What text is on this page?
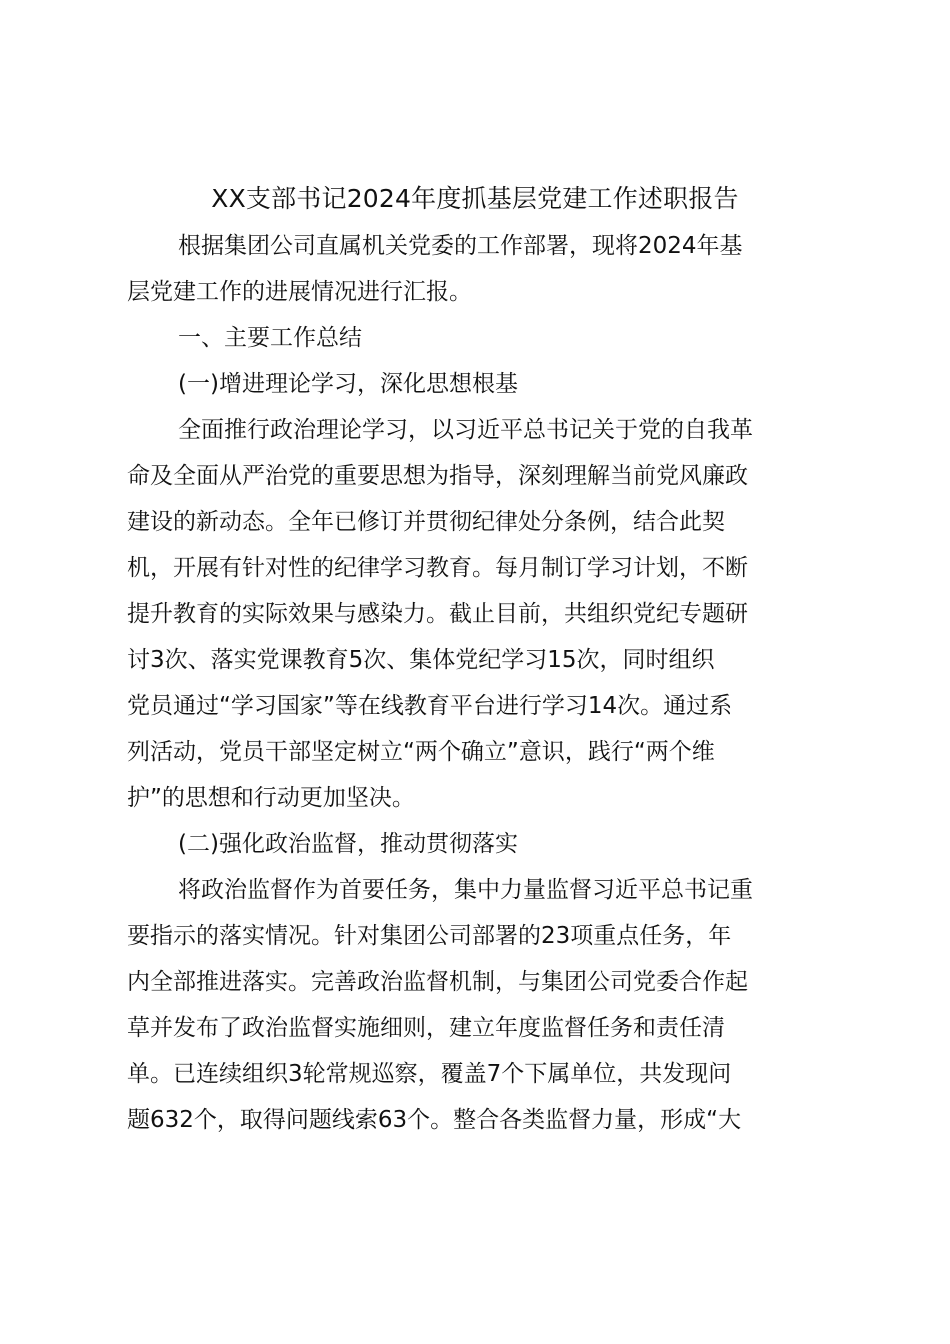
XX支部书记2024年度抓基层党建工作述职报告

根据集团公司直属机关党委的工作部署，现将2024年基

层党建工作的进展情况进行汇报。

一、主要工作总结

(一)增进理论学习，深化思想根基

全面推行政治理论学习，以习近平总书记关于党的自我革

命及全面从严治党的重要思想为指导，深刻理解当前党风廉政

建设的新动态。全年已修订并贯彻纪律处分条例，结合此契

机，开展有针对性的纪律学习教育。每月制订学习计划，不断

提升教育的实际效果与感染力。截止目前，共组织党纪专题研

讨3次、落实党课教育5次、集体党纪学习15次，同时组织

党员通过“学习国家”等在线教育平台进行学习14次。通过系

列活动，党员干部坚定树立“两个确立”意识，践行“两个维

护”的思想和行动更加坚决。

(二)强化政治监督，推动贯彻落实

将政治监督作为首要任务，集中力量监督习近平总书记重

要指示的落实情况。针对集团公司部署的23项重点任务，年

内全部推进落实。完善政治监督机制，与集团公司党委合作起

草并发布了政治监督实施细则，建立年度监督任务和责任清

单。已连续组织3轮常规巡察，覆盖7个下属单位，共发现问

题632个，取得问题线索63个。整合各类监督力量，形成“大
